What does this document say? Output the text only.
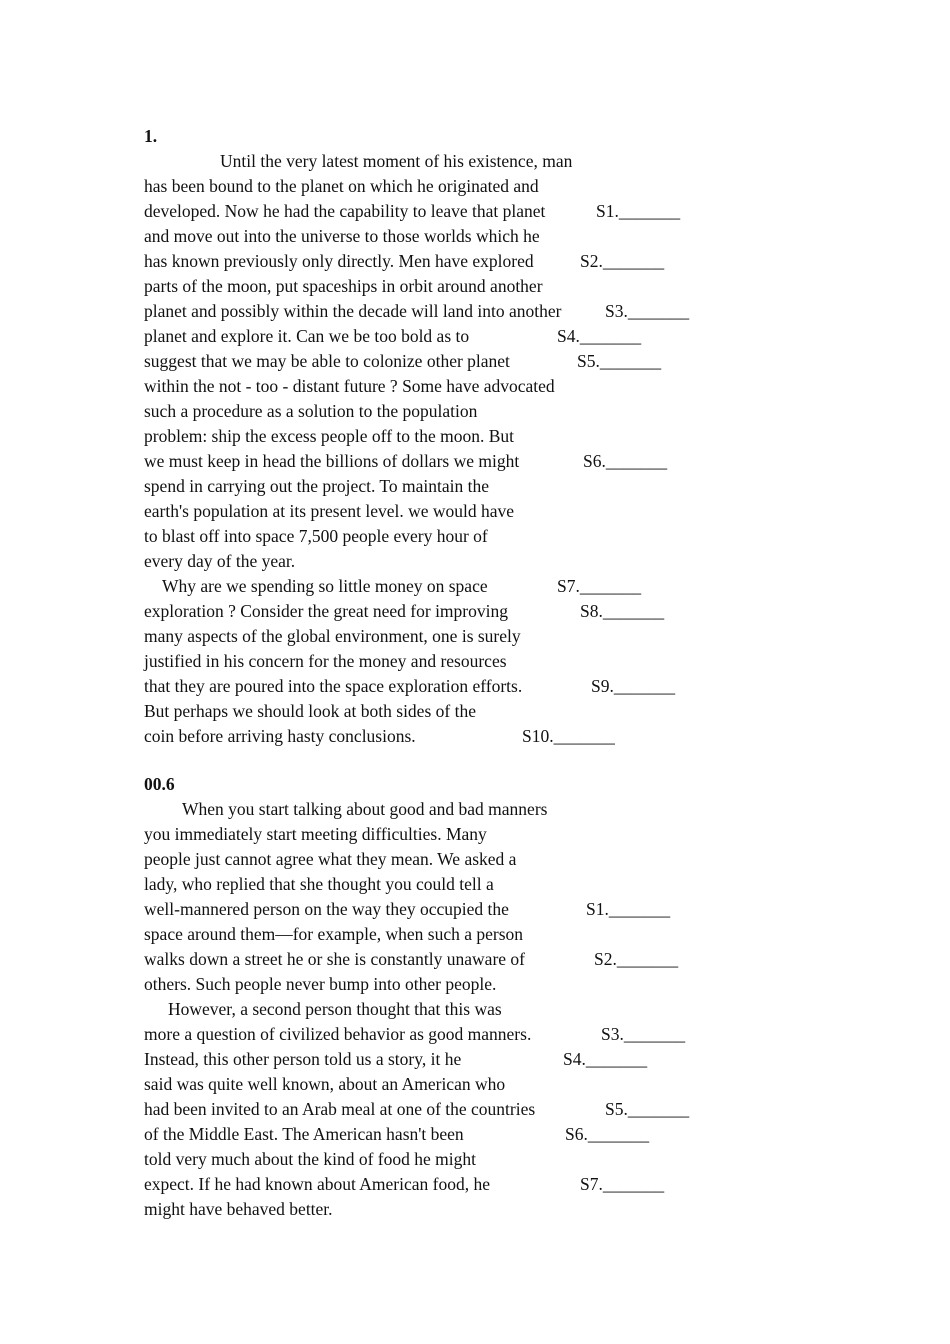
1.
Until the very latest moment of his existence, man
has been bound to the planet on which he originated and
developed. Now he had the capability to leave that planet
and move out into the universe to those worlds which he
has known previously only directly. Men have explored
parts of the moon, put spaceships in orbit around another
planet and possibly within the decade will land into another
planet and explore it. Can we be too bold as to
suggest that we may be able to colonize other planet
within the not - too - distant future ? Some have advocated
such a procedure as a solution to the population
problem: ship the excess people off to the moon. But
we must keep in head the billions of dollars we might
spend in carrying out the project. To maintain the
earth's population at its present level. we would have
to blast off into space 7,500 people every hour of
every day of the year.
Why are we spending so little money on space
exploration ? Consider the great need for improving
many aspects of the global environment, one is surely
justified in his concern for the money and resources
that they are poured into the space exploration efforts.
But perhaps we should look at both sides of the
coin before arriving hasty conclusions.
S1._______
S2._______
S3._______
S4._______
S5._______
S6._______
S7._______
S8._______
S9._______
S10._______
00.6
When you start talking about good and bad manners
you immediately start meeting difficulties. Many
people just cannot agree what they mean. We asked a
lady, who replied that she thought you could tell a
well-mannered person on the way they occupied the
space around them—for example, when such a person
walks down a street he or she is constantly unaware of
others. Such people never bump into other people.
However, a second person thought that this was
more a question of civilized behavior as good manners.
Instead, this other person told us a story, it he
said was quite well known, about an American who
had been invited to an Arab meal at one of the countries
of the Middle East. The American hasn't been
told very much about the kind of food he might
expect. If he had known about American food, he
might have behaved better.
S1._______
S2._______
S3._______
S4._______
S5._______
S6._______
S7._______
